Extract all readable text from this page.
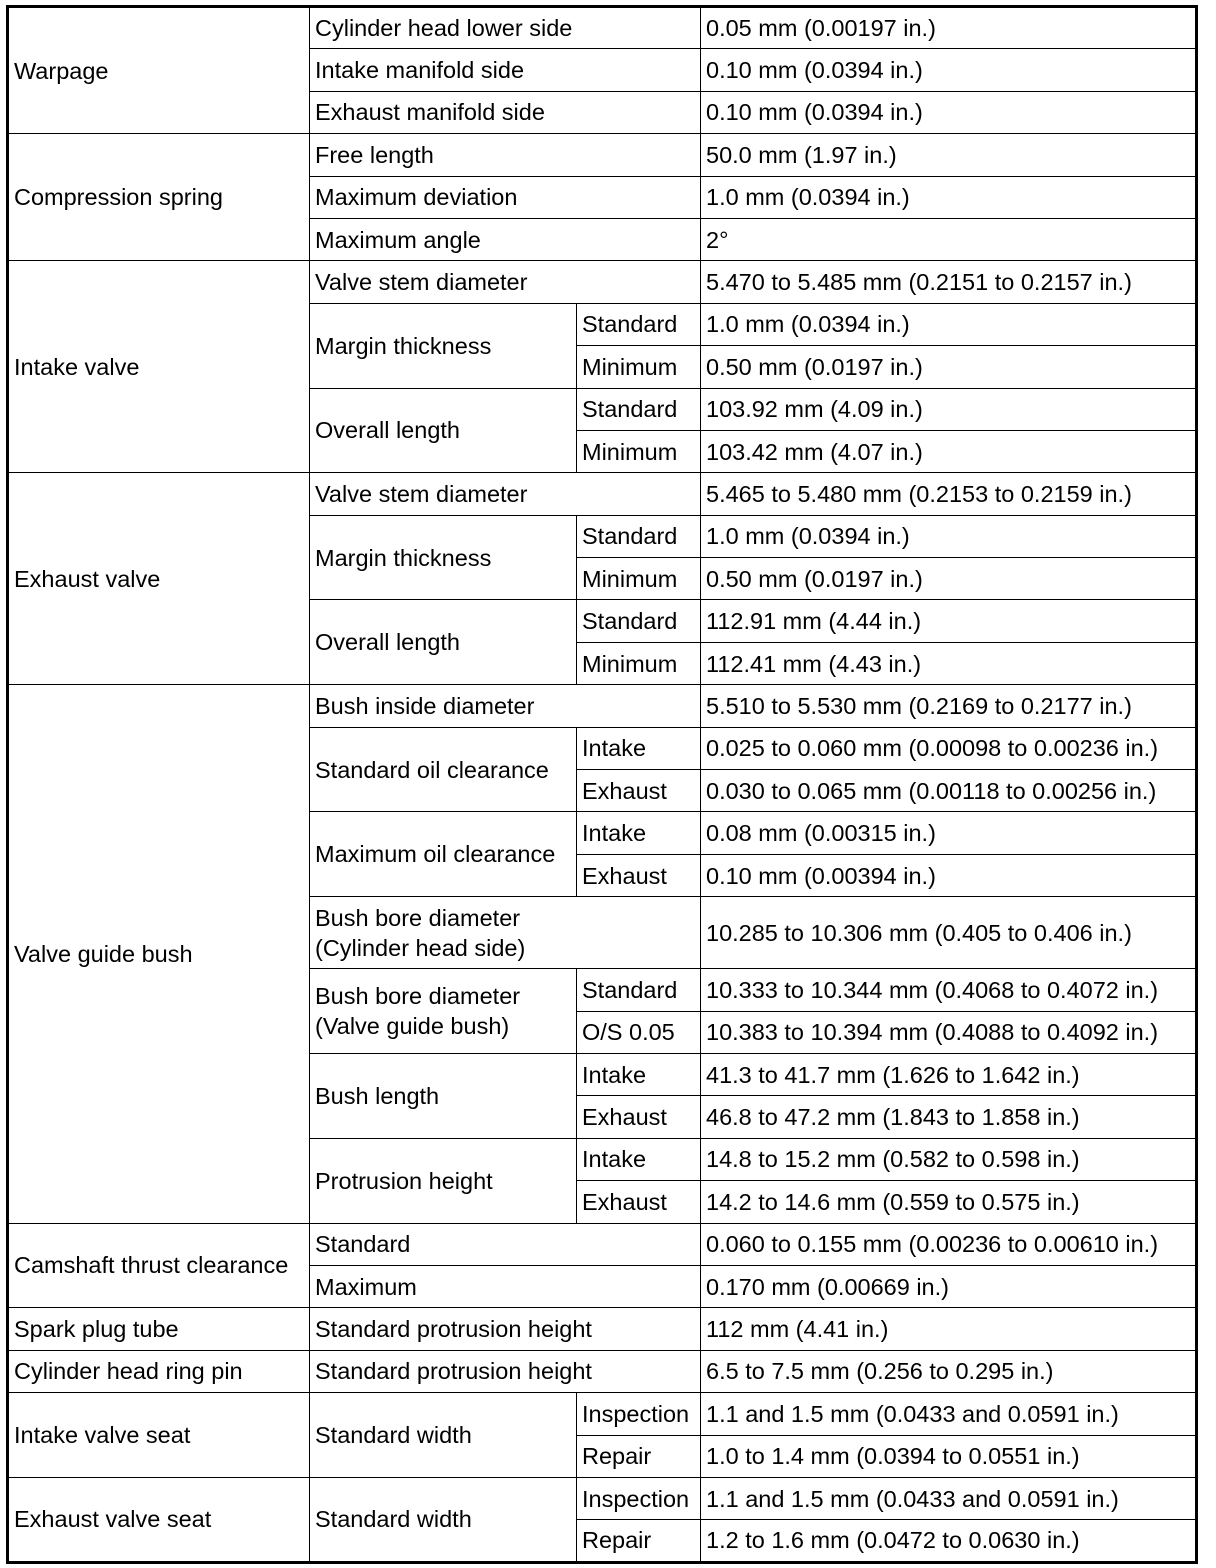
Warpage	Cylinder head lower side		0.05 mm (0.00197 in.)
	Intake manifold side		0.10 mm (0.0394 in.)
	Exhaust manifold side		0.10 mm (0.0394 in.)
Compression spring	Free length		50.0 mm (1.97 in.)
	Maximum deviation		1.0 mm (0.0394 in.)
	Maximum angle		2°
Intake valve	Valve stem diameter		5.470 to 5.485 mm (0.2151 to 0.2157 in.)
	Margin thickness	Standard	1.0 mm (0.0394 in.)
		Minimum	0.50 mm (0.0197 in.)
	Overall length	Standard	103.92 mm (4.09 in.)
		Minimum	103.42 mm (4.07 in.)
Exhaust valve	Valve stem diameter		5.465 to 5.480 mm (0.2153 to 0.2159 in.)
	Margin thickness	Standard	1.0 mm (0.0394 in.)
		Minimum	0.50 mm (0.0197 in.)
	Overall length	Standard	112.91 mm (4.44 in.)
		Minimum	112.41 mm (4.43 in.)
Valve guide bush	Bush inside diameter		5.510 to 5.530 mm (0.2169 to 0.2177 in.)
	Standard oil clearance	Intake	0.025 to 0.060 mm (0.00098 to 0.00236 in.)
		Exhaust	0.030 to 0.065 mm (0.00118 to 0.00256 in.)
	Maximum oil clearance	Intake	0.08 mm (0.00315 in.)
		Exhaust	0.10 mm (0.00394 in.)
	Bush bore diameter
(Cylinder head side)		10.285 to 10.306 mm (0.405 to 0.406 in.)
	Bush bore diameter
(Valve guide bush)	Standard	10.333 to 10.344 mm (0.4068 to 0.4072 in.)
		O/S 0.05	10.383 to 10.394 mm (0.4088 to 0.4092 in.)
	Bush length	Intake	41.3 to 41.7 mm (1.626 to 1.642 in.)
		Exhaust	46.8 to 47.2 mm (1.843 to 1.858 in.)
	Protrusion height	Intake	14.8 to 15.2 mm (0.582 to 0.598 in.)
		Exhaust	14.2 to 14.6 mm (0.559 to 0.575 in.)
Camshaft thrust clearance	Standard		0.060 to 0.155 mm (0.00236 to 0.00610 in.)
	Maximum		0.170 mm (0.00669 in.)
Spark plug tube	Standard protrusion height		112 mm (4.41 in.)
Cylinder head ring pin	Standard protrusion height		6.5 to 7.5 mm (0.256 to 0.295 in.)
Intake valve seat	Standard width	Inspection	1.1 and 1.5 mm (0.0433 and 0.0591 in.)
		Repair	1.0 to 1.4 mm (0.0394 to 0.0551 in.)
Exhaust valve seat	Standard width	Inspection	1.1 and 1.5 mm (0.0433 and 0.0591 in.)
		Repair	1.2 to 1.6 mm (0.0472 to 0.0630 in.)
